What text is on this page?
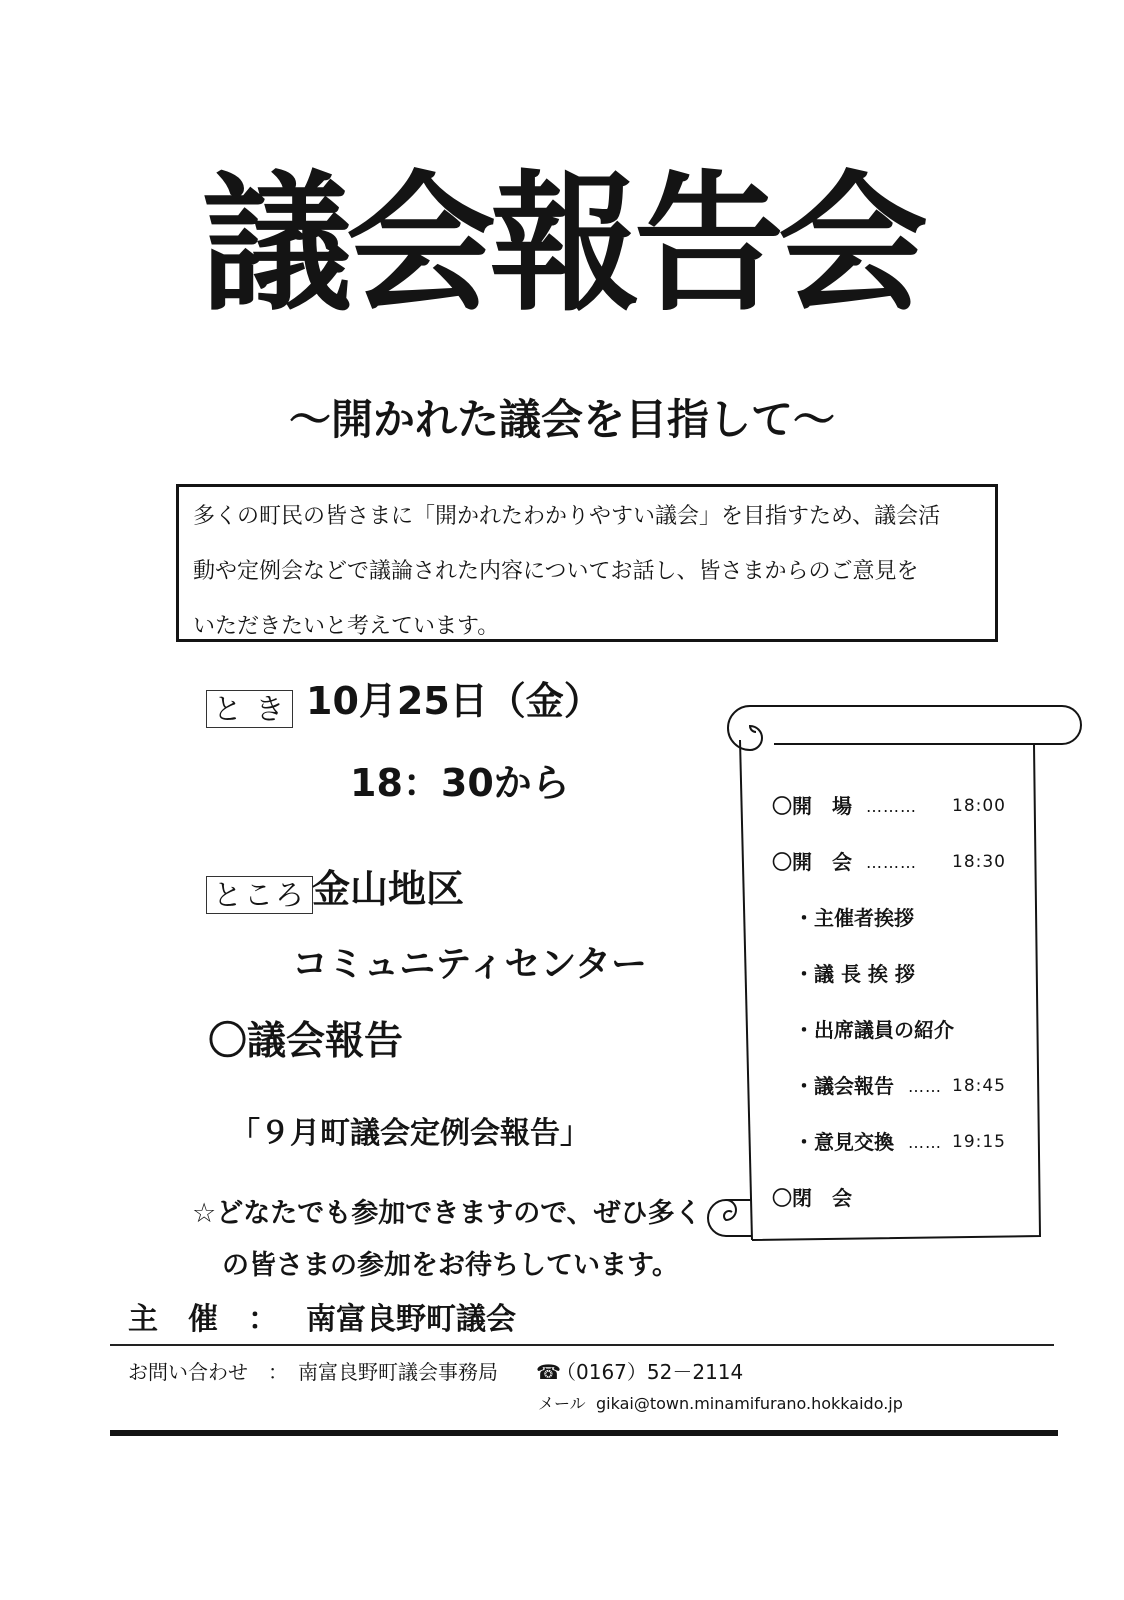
議会報告会
～開かれた議会を目指して～
多くの町民の皆さまに「開かれたわかりやすい議会」を目指すため、議会活
動や定例会などで議論された内容についてお話し、皆さまからのご意見を
いただきたいと考えています。
と き 10月25日（金）
18：30から
ところ 金山地区
コミュニティセンター
〇議会報告
「９月町議会定例会報告」
☆どなたでも参加できますので、ぜひ多く
の皆さまの参加をお待ちしています。
〇開　場 ……… 18:00
〇開　会 ……… 18:30
・主催者挨拶
・議 長 挨 拶
・出席議員の紹介
・議会報告 …… 18:45
・意見交換 …… 19:15
〇閉　会
主　催　： 南富良野町議会
お問い合わせ　：　南富良野町議会事務局 ☎
（0167）52－2114
メール gikai@town.minamifurano.hokkaido.jp
